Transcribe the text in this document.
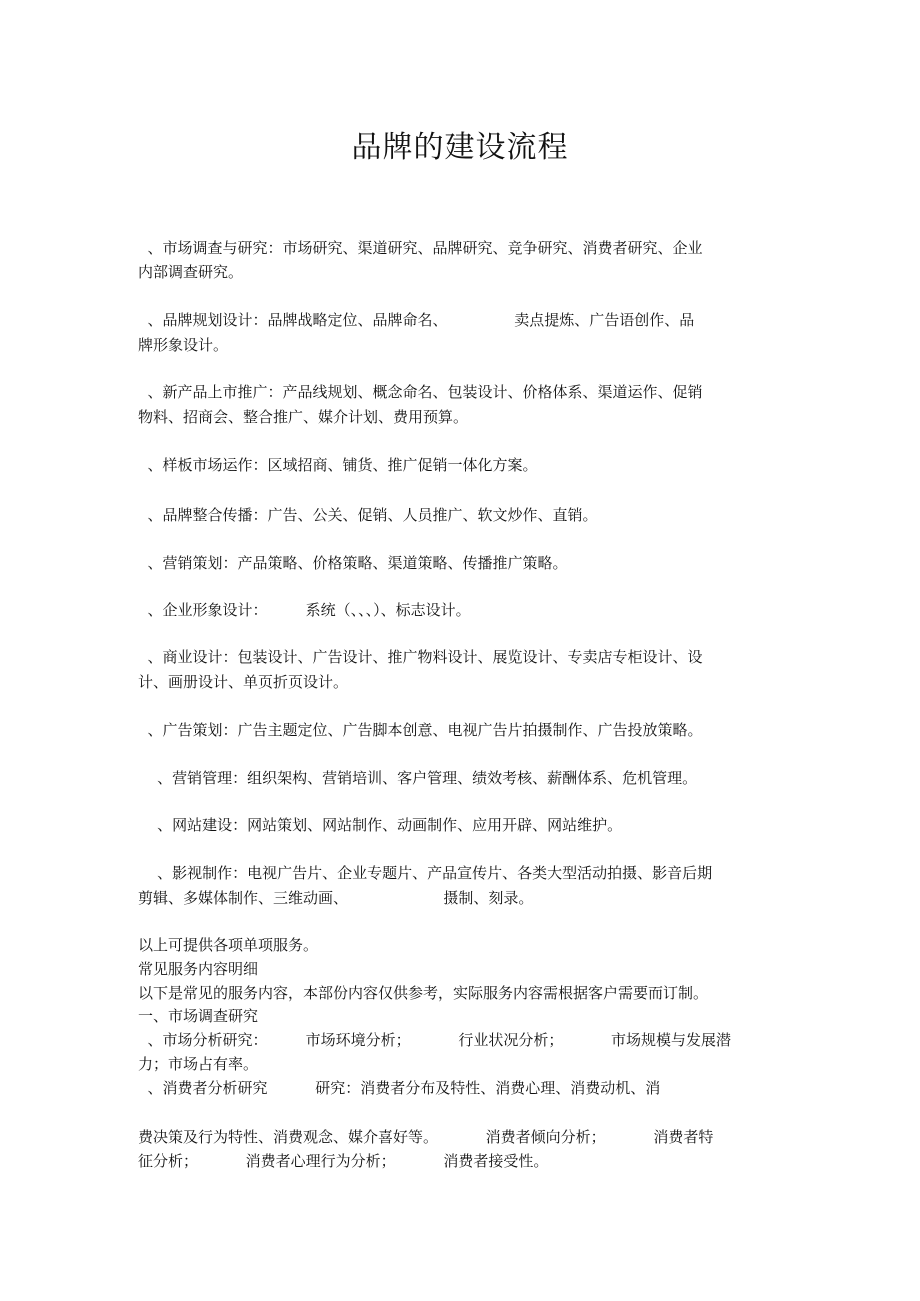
品牌的建设流程
、市场调查与研究：市场研究、渠道研究、品牌研究、竞争研究、消费者研究、企业
内部调查研究。
、品牌规划设计：品牌战略定位、品牌命名、              卖点提炼、广告语创作、品
牌形象设计。
、新产品上市推广：产品线规划、概念命名、包装设计、价格体系、渠道运作、促销
物料、招商会、整合推广、媒介计划、费用预算。
、样板市场运作：区域招商、铺货、推广促销一体化方案。
、品牌整合传播：广告、公关、促销、人员推广、软文炒作、直销。
、营销策划：产品策略、价格策略、渠道策略、传播推广策略。
、企业形象设计：        系统（、、、）、标志设计。
、商业设计：包装设计、广告设计、推广物料设计、展览设计、专卖店专柜设计、设
计、画册设计、单页折页设计。
、广告策划：广告主题定位、广告脚本创意、电视广告片拍摄制作、广告投放策略。
、营销管理：组织架构、营销培训、客户管理、绩效考核、薪酬体系、危机管理。
、网站建设：网站策划、网站制作、动画制作、应用开辟、网站维护。
、影视制作：电视广告片、企业专题片、产品宣传片、各类大型活动拍摄、影音后期
剪辑、多媒体制作、三维动画、                    摄制、刻录。
以上可提供各项单项服务。
常见服务内容明细
以下是常见的服务内容，本部份内容仅供参考，实际服务内容需根据客户需要而订制。
一、市场调查研究
、市场分析研究：        市场环境分析；          行业状况分析；          市场规模与发展潜
力；市场占有率。
、消费者分析研究          研究：消费者分布及特性、消费心理、消费动机、消
费决策及行为特性、消费观念、媒介喜好等。          消费者倾向分析；          消费者特
征分析；          消费者心理行为分析；          消费者接受性。
